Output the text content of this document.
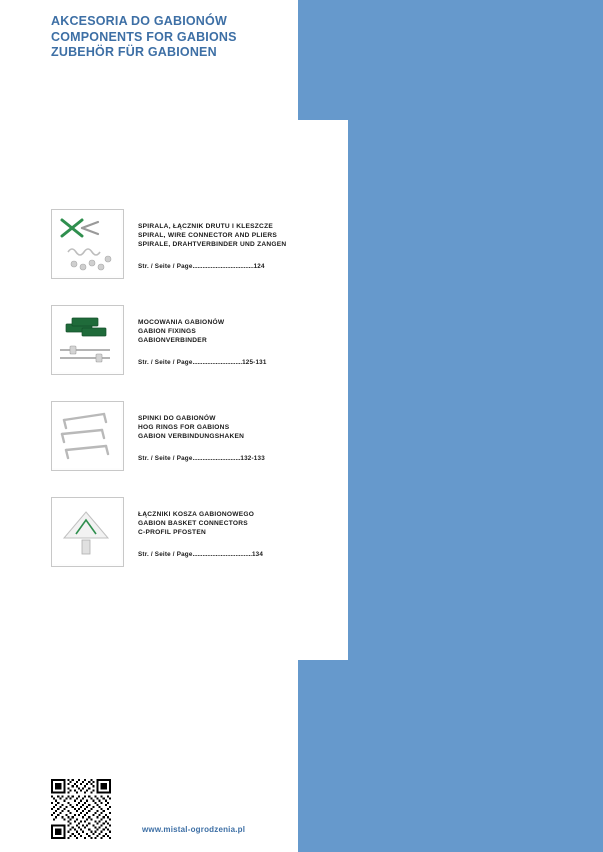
AKCESORIA DO GABIONÓW
COMPONENTS FOR GABIONS
ZUBEHÖR FÜR GABIONEN
SPIRALA, ŁĄCZNIK DRUTU I KLESZCZE
SPIRAL, WIRE CONNECTOR AND PLIERS
SPIRALE, DRAHTVERBINDER UND ZANGEN
Str. / Seite / Page.....................................124
MOCOWANIA GABIONÓW
GABION FIXINGS
GABIONVERBINDER
Str. / Seite / Page..............................125-131
SPINKI DO GABIONÓW
HOG RINGS FOR GABIONS
GABION VERBINDUNGSHAKEN
Str. / Seite / Page.............................132-133
ŁĄCZNIKI KOSZA GABIONOWEGO
GABION BASKET CONNECTORS
C-PROFIL PFOSTEN
Str. / Seite / Page....................................134
www.mistal-ogrodzenia.pl
